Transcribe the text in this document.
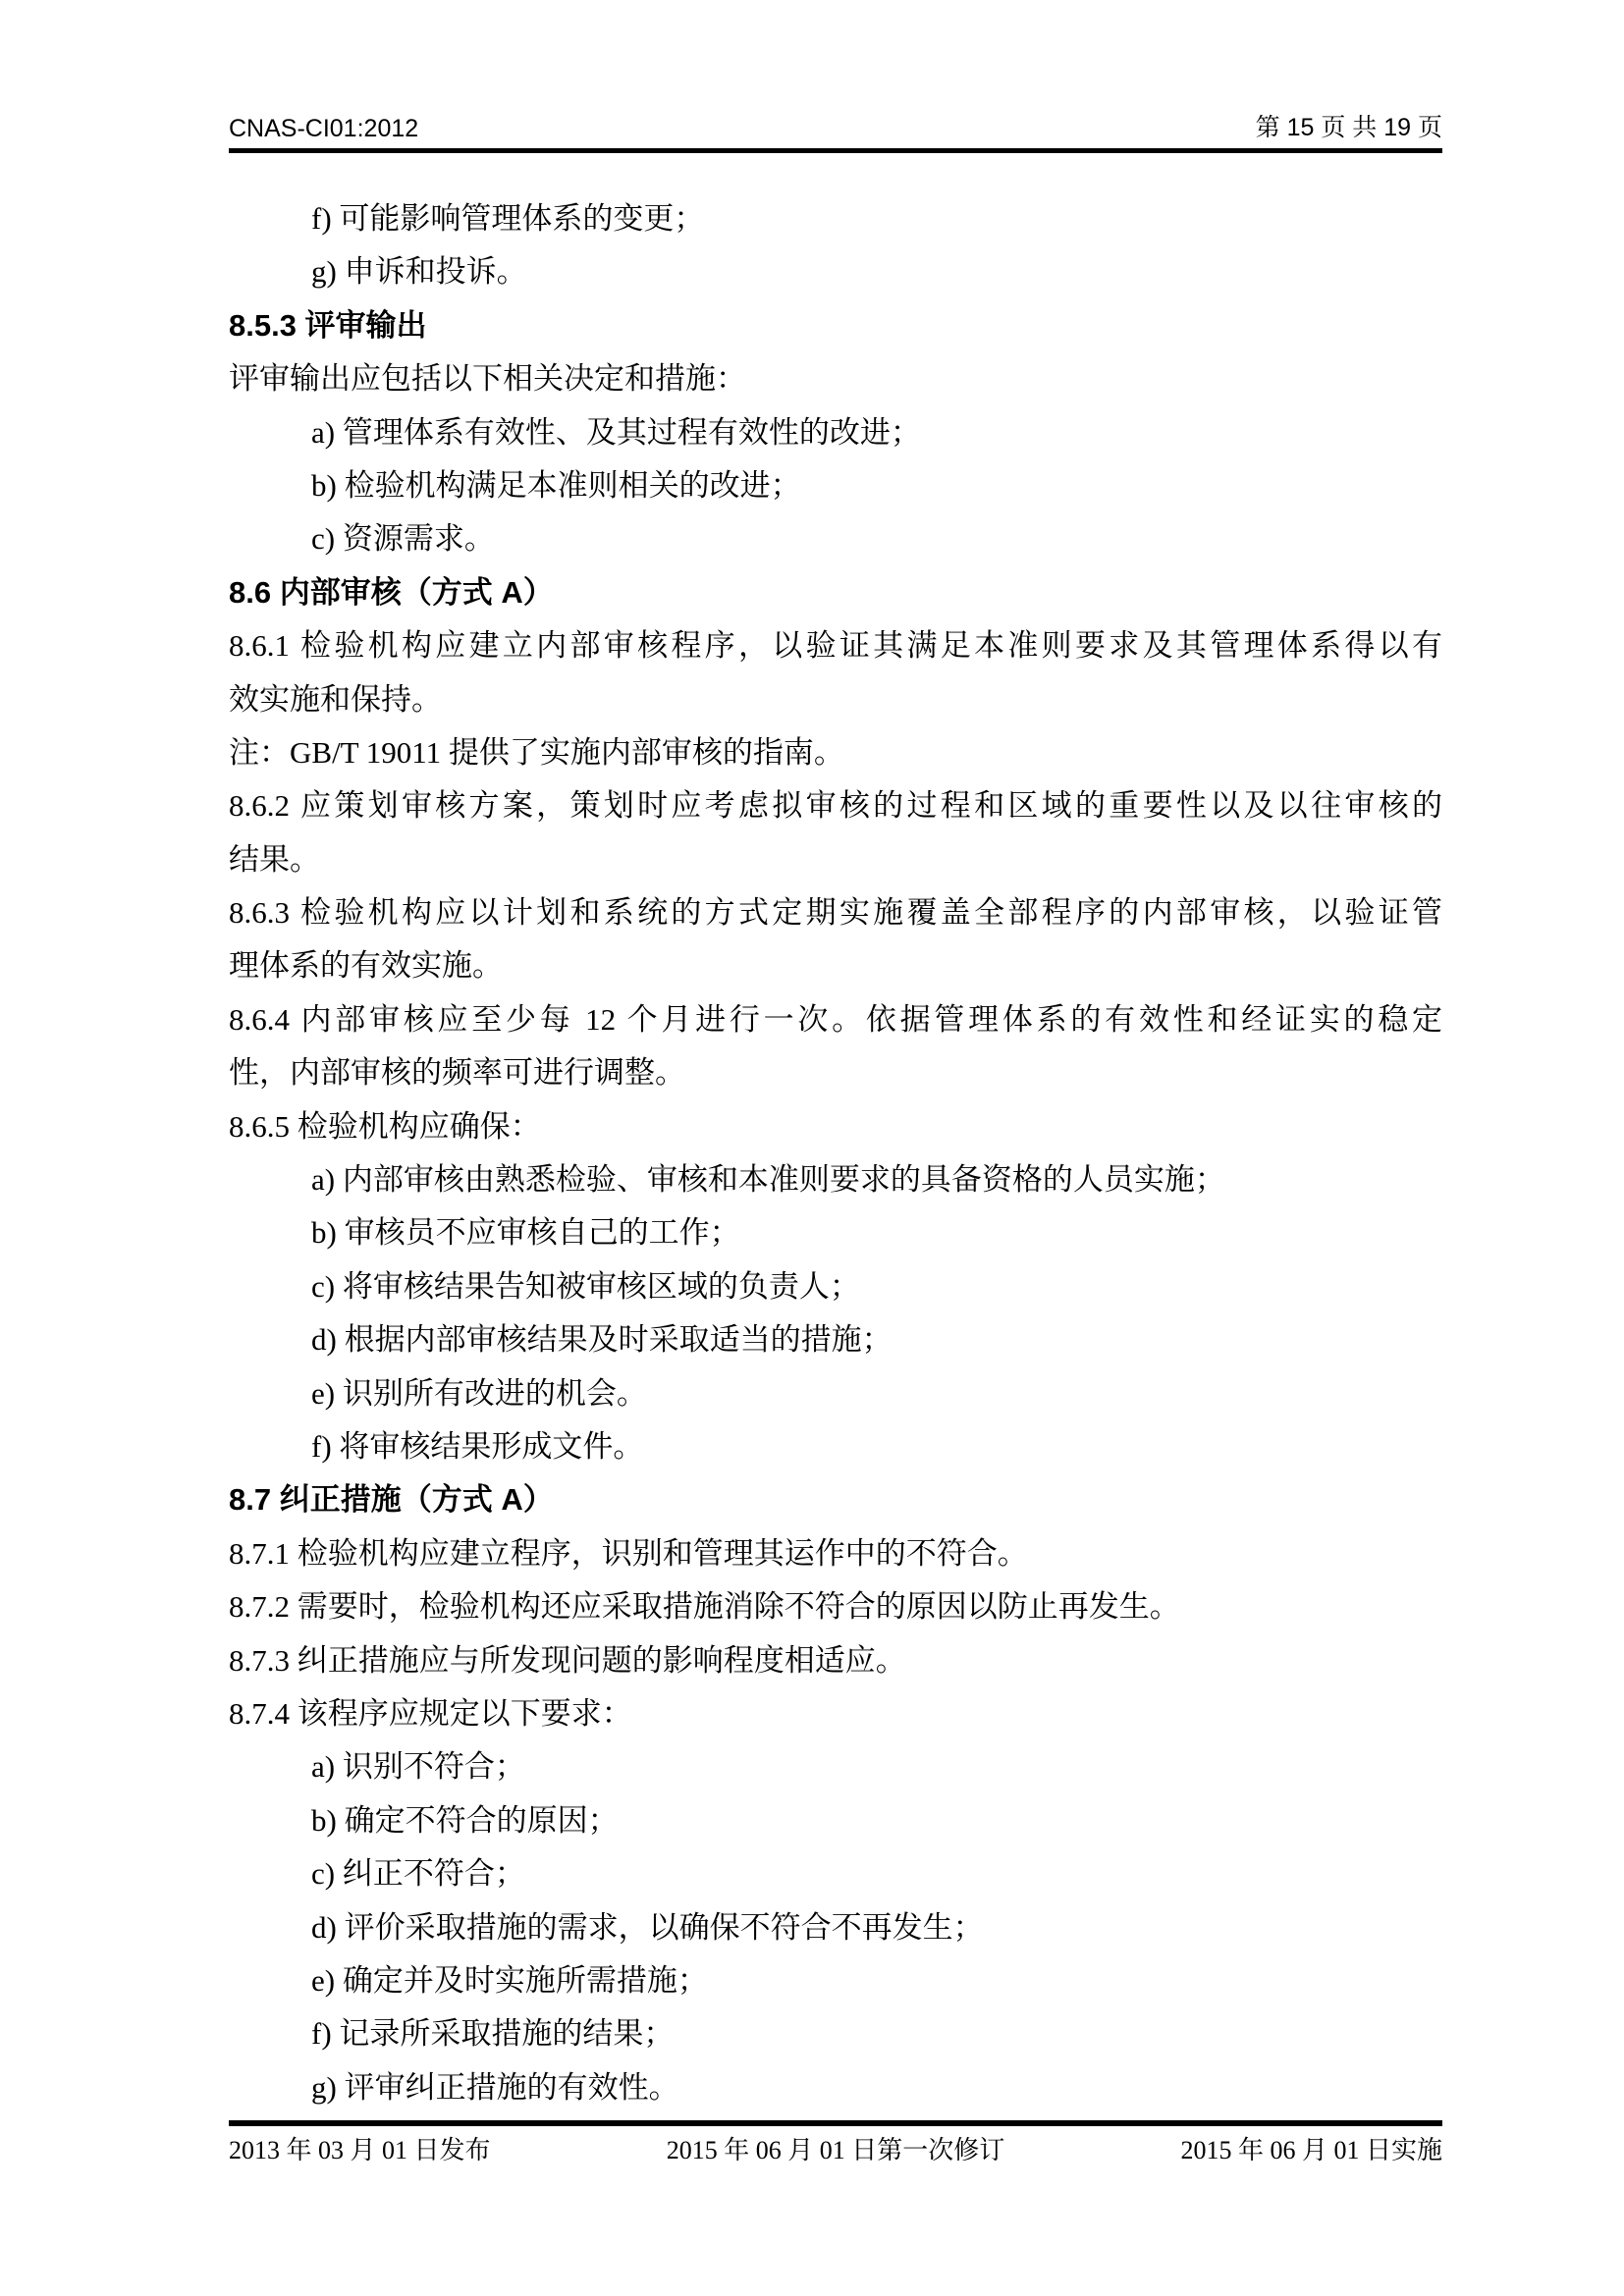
CNAS-CI01:2012	第 15 页 共 19 页
f) 可能影响管理体系的变更；
g) 申诉和投诉。
8.5.3 评审输出
评审输出应包括以下相关决定和措施：
a) 管理体系有效性、及其过程有效性的改进；
b) 检验机构满足本准则相关的改进；
c) 资源需求。
8.6 内部审核（方式 A）
8.6.1 检验机构应建立内部审核程序，以验证其满足本准则要求及其管理体系得以有
效实施和保持。
注：GB/T 19011 提供了实施内部审核的指南。
8.6.2 应策划审核方案，策划时应考虑拟审核的过程和区域的重要性以及以往审核的
结果。
8.6.3 检验机构应以计划和系统的方式定期实施覆盖全部程序的内部审核，以验证管
理体系的有效实施。
8.6.4 内部审核应至少每 12 个月进行一次。依据管理体系的有效性和经证实的稳定
性，内部审核的频率可进行调整。
8.6.5 检验机构应确保：
a) 内部审核由熟悉检验、审核和本准则要求的具备资格的人员实施；
b) 审核员不应审核自己的工作；
c) 将审核结果告知被审核区域的负责人；
d) 根据内部审核结果及时采取适当的措施；
e) 识别所有改进的机会。
f) 将审核结果形成文件。
8.7 纠正措施（方式 A）
8.7.1 检验机构应建立程序，识别和管理其运作中的不符合。
8.7.2 需要时，检验机构还应采取措施消除不符合的原因以防止再发生。
8.7.3 纠正措施应与所发现问题的影响程度相适应。
8.7.4 该程序应规定以下要求：
a) 识别不符合；
b) 确定不符合的原因；
c) 纠正不符合；
d) 评价采取措施的需求，以确保不符合不再发生；
e) 确定并及时实施所需措施；
f) 记录所采取措施的结果；
g) 评审纠正措施的有效性。
2013 年 03 月 01 日发布	2015 年 06 月 01 日第一次修订	2015 年 06 月 01 日实施
